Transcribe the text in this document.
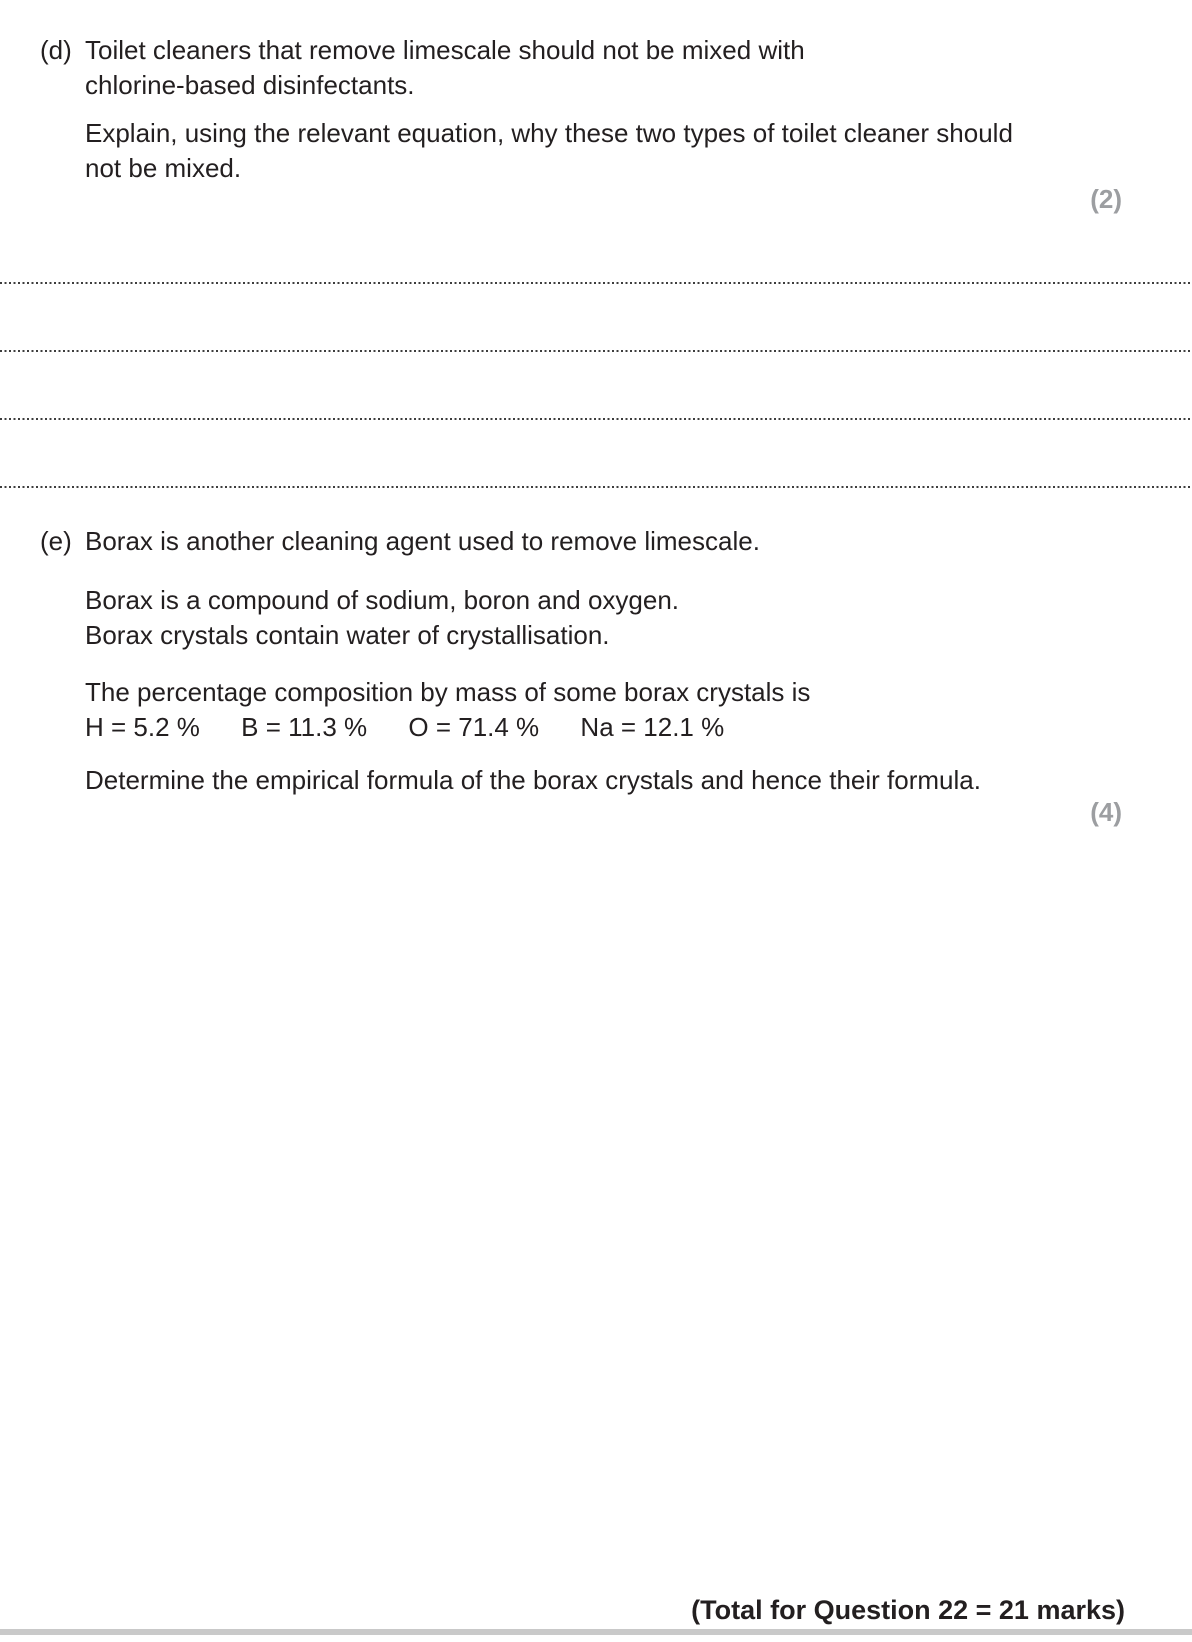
(d) Toilet cleaners that remove limescale should not be mixed with
chlorine-based disinfectants.
Explain, using the relevant equation, why these two types of toilet cleaner should
not be mixed.
(2)
(e) Borax is another cleaning agent used to remove limescale.
Borax is a compound of sodium, boron and oxygen.
Borax crystals contain water of crystallisation.
The percentage composition by mass of some borax crystals is
H = 5.2 % B = 11.3 % O = 71.4 % Na = 12.1 %
Determine the empirical formula of the borax crystals and hence their formula.
(4)
(Total for Question 22 = 21 marks)
